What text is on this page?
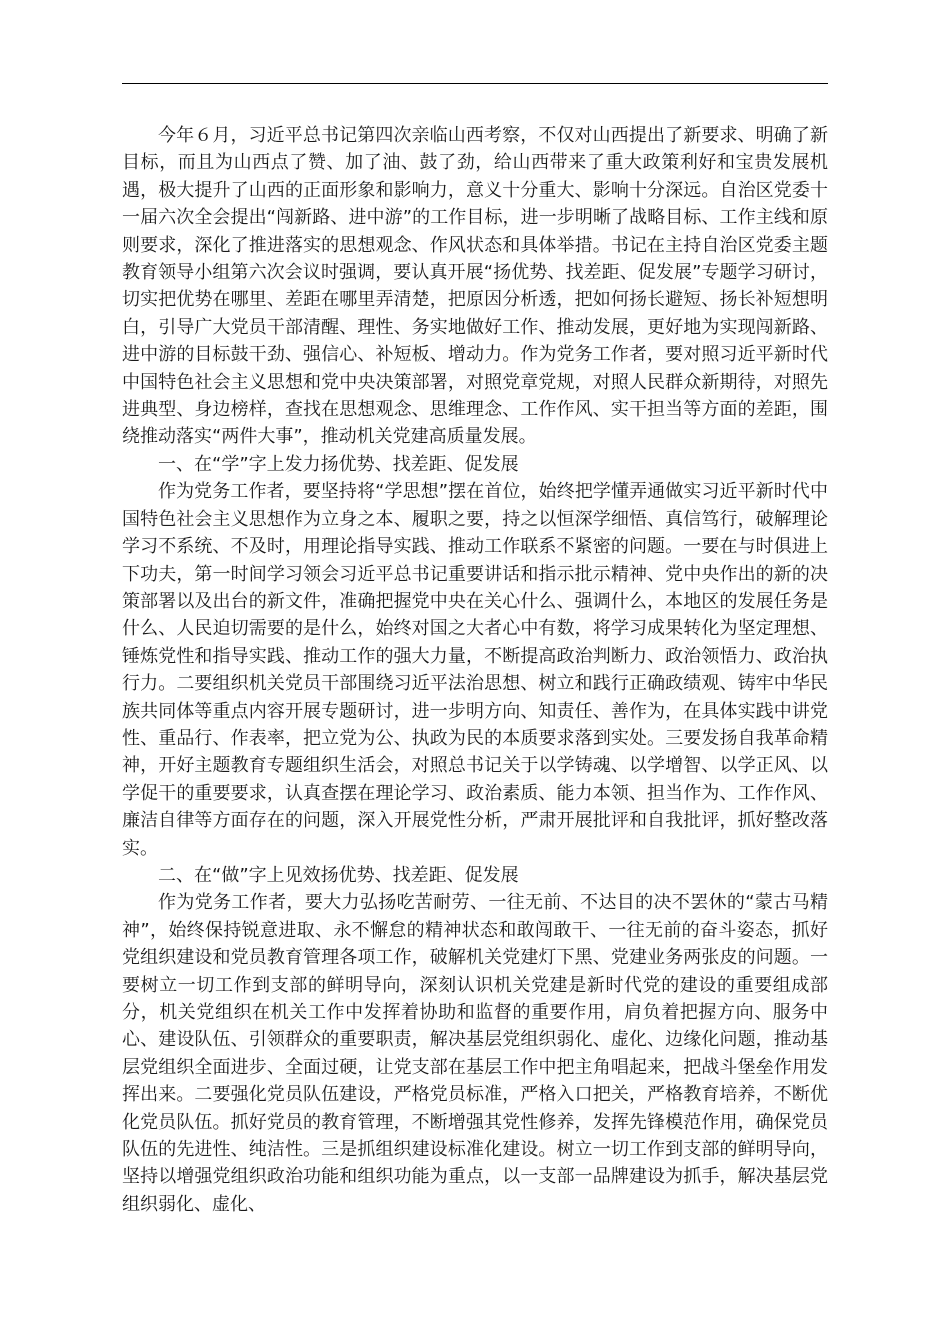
今年６月，习近平总书记第四次亲临山西考察，不仅对山西提出了新要求、明确了新目标，而且为山西点了赞、加了油、鼓了劲，给山西带来了重大政策利好和宝贵发展机遇，极大提升了山西的正面形象和影响力，意义十分重大、影响十分深远。自治区党委十一届六次全会提出“闯新路、进中游”的工作目标，进一步明晰了战略目标、工作主线和原则要求，深化了推进落实的思想观念、作风状态和具体举措。书记在主持自治区党委主题教育领导小组第六次会议时强调，要认真开展“扬优势、找差距、促发展”专题学习研讨，切实把优势在哪里、差距在哪里弄清楚，把原因分析透，把如何扬长避短、扬长补短想明白，引导广大党员干部清醒、理性、务实地做好工作、推动发展，更好地为实现闯新路、进中游的目标鼓干劲、强信心、补短板、增动力。作为党务工作者，要对照习近平新时代中国特色社会主义思想和党中央决策部署，对照党章党规，对照人民群众新期待，对照先进典型、身边榜样，查找在思想观念、思维理念、工作作风、实干担当等方面的差距，围绕推动落实“两件大事”，推动机关党建高质量发展。

一、在“学”字上发力扬优势、找差距、促发展

作为党务工作者，要坚持将“学思想”摆在首位，始终把学懂弄通做实习近平新时代中国特色社会主义思想作为立身之本、履职之要，持之以恒深学细悟、真信笃行，破解理论学习不系统、不及时，用理论指导实践、推动工作联系不紧密的问题。一要在与时俱进上下功夫，第一时间学习领会习近平总书记重要讲话和指示批示精神、党中央作出的新的决策部署以及出台的新文件，准确把握党中央在关心什么、强调什么，本地区的发展任务是什么、人民迫切需要的是什么，始终对国之大者心中有数，将学习成果转化为坚定理想、锤炼党性和指导实践、推动工作的强大力量，不断提高政治判断力、政治领悟力、政治执行力。二要组织机关党员干部围绕习近平法治思想、树立和践行正确政绩观、铸牢中华民族共同体等重点内容开展专题研讨，进一步明方向、知责任、善作为，在具体实践中讲党性、重品行、作表率，把立党为公、执政为民的本质要求落到实处。三要发扬自我革命精神，开好主题教育专题组织生活会，对照总书记关于以学铸魂、以学增智、以学正风、以学促干的重要要求，认真查摆在理论学习、政治素质、能力本领、担当作为、工作作风、廉洁自律等方面存在的问题，深入开展党性分析，严肃开展批评和自我批评，抓好整改落实。

二、在“做”字上见效扬优势、找差距、促发展

作为党务工作者，要大力弘扬吃苦耐劳、一往无前、不达目的决不罢休的“蒙古马精神”，始终保持锐意进取、永不懈怠的精神状态和敢闯敢干、一往无前的奋斗姿态，抓好党组织建设和党员教育管理各项工作，破解机关党建灯下黑、党建业务两张皮的问题。一要树立一切工作到支部的鲜明导向，深刻认识机关党建是新时代党的建设的重要组成部分，机关党组织在机关工作中发挥着协助和监督的重要作用，肩负着把握方向、服务中心、建设队伍、引领群众的重要职责，解决基层党组织弱化、虚化、边缘化问题，推动基层党组织全面进步、全面过硬，让党支部在基层工作中把主角唱起来，把战斗堡垒作用发挥出来。二要强化党员队伍建设，严格党员标准，严格入口把关，严格教育培养，不断优化党员队伍。抓好党员的教育管理，不断增强其党性修养，发挥先锋模范作用，确保党员队伍的先进性、纯洁性。三是抓组织建设标准化建设。树立一切工作到支部的鲜明导向，坚持以增强党组织政治功能和组织功能为重点，以一支部一品牌建设为抓手，解决基层党组织弱化、虚化、
